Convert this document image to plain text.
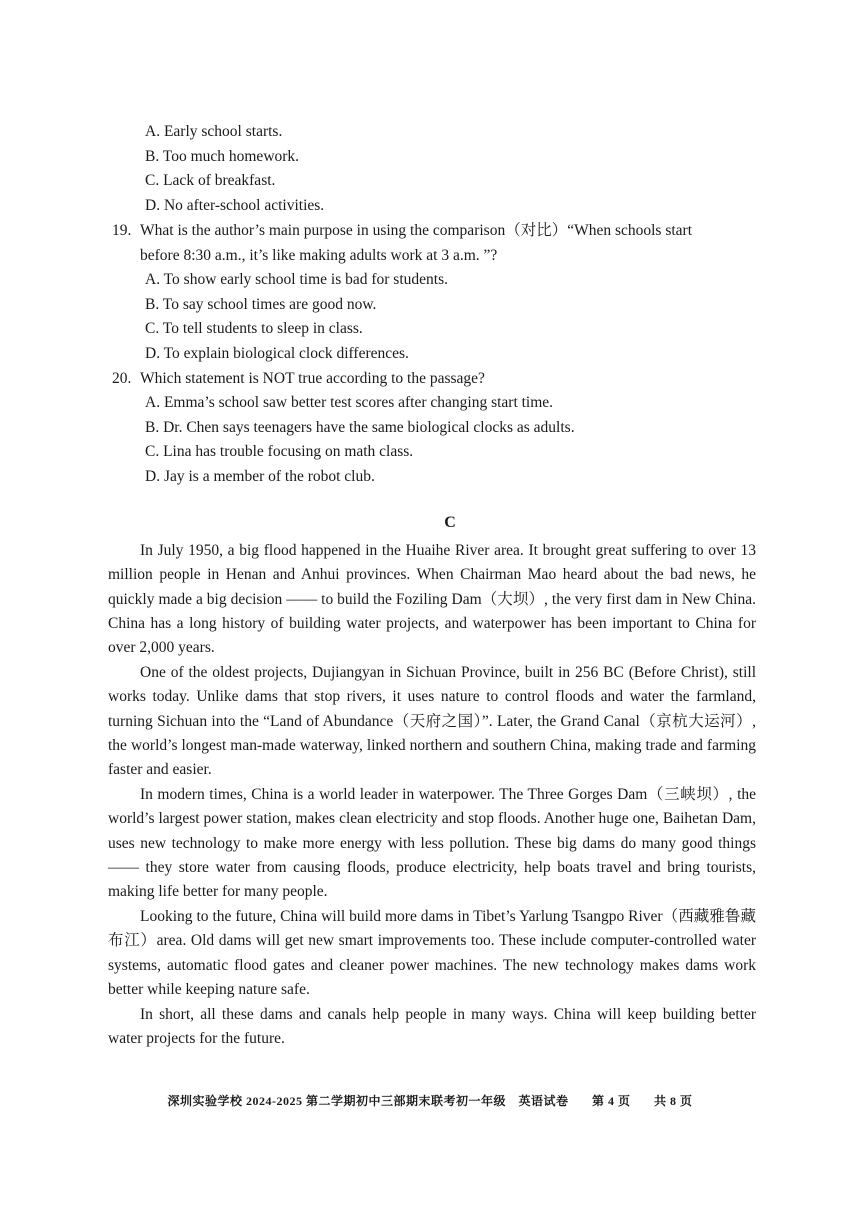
A. Early school starts.
B. Too much homework.
C. Lack of breakfast.
D. No after-school activities.
19. What is the author’s main purpose in using the comparison（对比）“When schools start
before 8:30 a.m., it’s like making adults work at 3 a.m. ”?
A. To show early school time is bad for students.
B. To say school times are good now.
C. To tell students to sleep in class.
D. To explain biological clock differences.
20. Which statement is NOT true according to the passage?
A. Emma’s school saw better test scores after changing start time.
B. Dr. Chen says teenagers have the same biological clocks as adults.
C. Lina has trouble focusing on math class.
D. Jay is a member of the robot club.
C
In July 1950, a big flood happened in the Huaihe River area. It brought great suffering to over 13 million people in Henan and Anhui provinces. When Chairman Mao heard about the bad news, he quickly made a big decision —— to build the Foziling Dam（大坝）, the very first dam in New China. China has a long history of building water projects, and waterpower has been important to China for over 2,000 years.
One of the oldest projects, Dujiangyan in Sichuan Province, built in 256 BC (Before Christ), still works today. Unlike dams that stop rivers, it uses nature to control floods and water the farmland, turning Sichuan into the “Land of Abundance（天府之国）”. Later, the Grand Canal（京杭大运河）, the world’s longest man-made waterway, linked northern and southern China, making trade and farming faster and easier.
In modern times, China is a world leader in waterpower. The Three Gorges Dam（三峡坝）, the world’s largest power station, makes clean electricity and stop floods. Another huge one, Baihetan Dam, uses new technology to make more energy with less pollution. These big dams do many good things —— they store water from causing floods, produce electricity, help boats travel and bring tourists, making life better for many people.
Looking to the future, China will build more dams in Tibet’s Yarlung Tsangpo River（西藏雅鲁藏布江）area. Old dams will get new smart improvements too. These include computer-controlled water systems, automatic flood gates and cleaner power machines. The new technology makes dams work better while keeping nature safe.
In short, all these dams and canals help people in many ways. China will keep building better water projects for the future.
深圳实验学校 2024-2025 第二学期初中三部期末联考初一年级　英语试卷 第 4 页 共 8 页
